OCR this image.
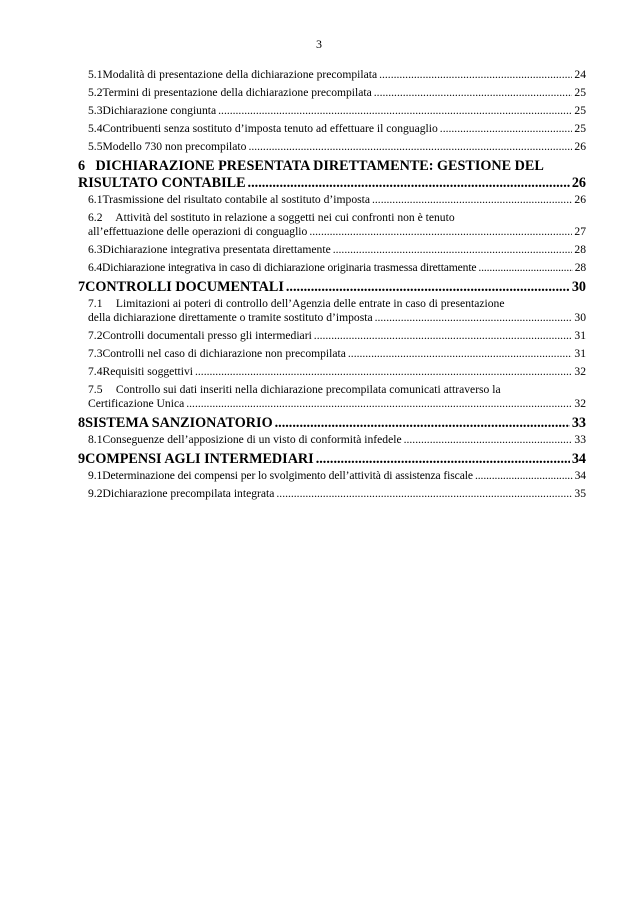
3
5.1 Modalità di presentazione della dichiarazione precompilata .....	24
5.2 Termini di presentazione della dichiarazione precompilata .....	25
5.3 Dichiarazione congiunta .....	25
5.4 Contribuenti senza sostituto d’imposta tenuto ad effettuare il conguaglio .....	25
5.5 Modello 730 non precompilato .....	26
6 DICHIARAZIONE PRESENTATA DIRETTAMENTE: GESTIONE DEL
RISULTATO CONTABILE .....	26
6.1 Trasmissione del risultato contabile al sostituto d’imposta .....	26
6.2 Attività del sostituto in relazione a soggetti nei cui confronti non è tenuto
all’effettuazione delle operazioni di conguaglio .....	27
6.3 Dichiarazione integrativa presentata direttamente .....	28
6.4 Dichiarazione integrativa in caso di dichiarazione originaria trasmessa direttamente .....	28
7 CONTROLLI DOCUMENTALI .....	30
7.1 Limitazioni ai poteri di controllo dell’Agenzia delle entrate in caso di presentazione
della dichiarazione direttamente o tramite sostituto d’imposta .....	30
7.2 Controlli documentali presso gli intermediari .....	31
7.3 Controlli nel caso di dichiarazione non precompilata .....	31
7.4 Requisiti soggettivi .....	32
7.5 Controllo sui dati inseriti nella dichiarazione precompilata comunicati attraverso la
Certificazione Unica .....	32
8 SISTEMA SANZIONATORIO .....	33
8.1 Conseguenze dell’apposizione di un visto di conformità infedele .....	33
9 COMPENSI AGLI INTERMEDIARI .....	34
9.1 Determinazione dei compensi per lo svolgimento dell’attività di assistenza fiscale .....	34
9.2 Dichiarazione precompilata integrata .....	35
